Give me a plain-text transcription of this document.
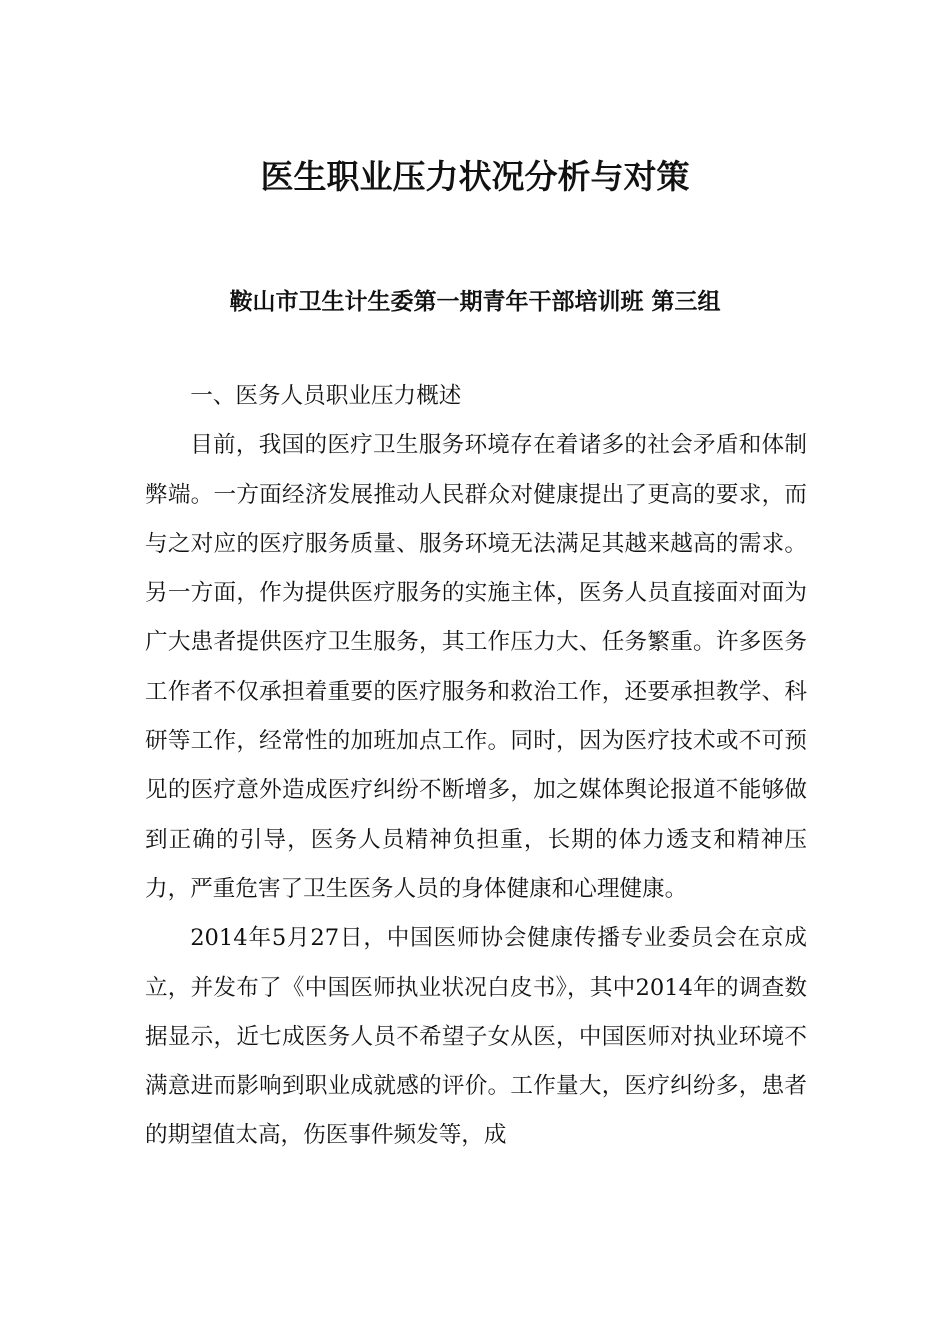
医生职业压力状况分析与对策
鞍山市卫生计生委第一期青年干部培训班 第三组
一、医务人员职业压力概述

目前，我国的医疗卫生服务环境存在着诸多的社会矛盾和体制弊端。一方面经济发展推动人民群众对健康提出了更高的要求，而与之对应的医疗服务质量、服务环境无法满足其越来越高的需求。另一方面，作为提供医疗服务的实施主体，医务人员直接面对面为广大患者提供医疗卫生服务，其工作压力大、任务繁重。许多医务工作者不仅承担着重要的医疗服务和救治工作，还要承担教学、科研等工作，经常性的加班加点工作。同时，因为医疗技术或不可预见的医疗意外造成医疗纠纷不断增多，加之媒体舆论报道不能够做到正确的引导，医务人员精神负担重，长期的体力透支和精神压力，严重危害了卫生医务人员的身体健康和心理健康。

2014年5月27日，中国医师协会健康传播专业委员会在京成立，并发布了《中国医师执业状况白皮书》，其中2014年的调查数据显示，近七成医务人员不希望子女从医，中国医师对执业环境不满意进而影响到职业成就感的评价。工作量大，医疗纠纷多，患者的期望值太高，伤医事件频发等，成
